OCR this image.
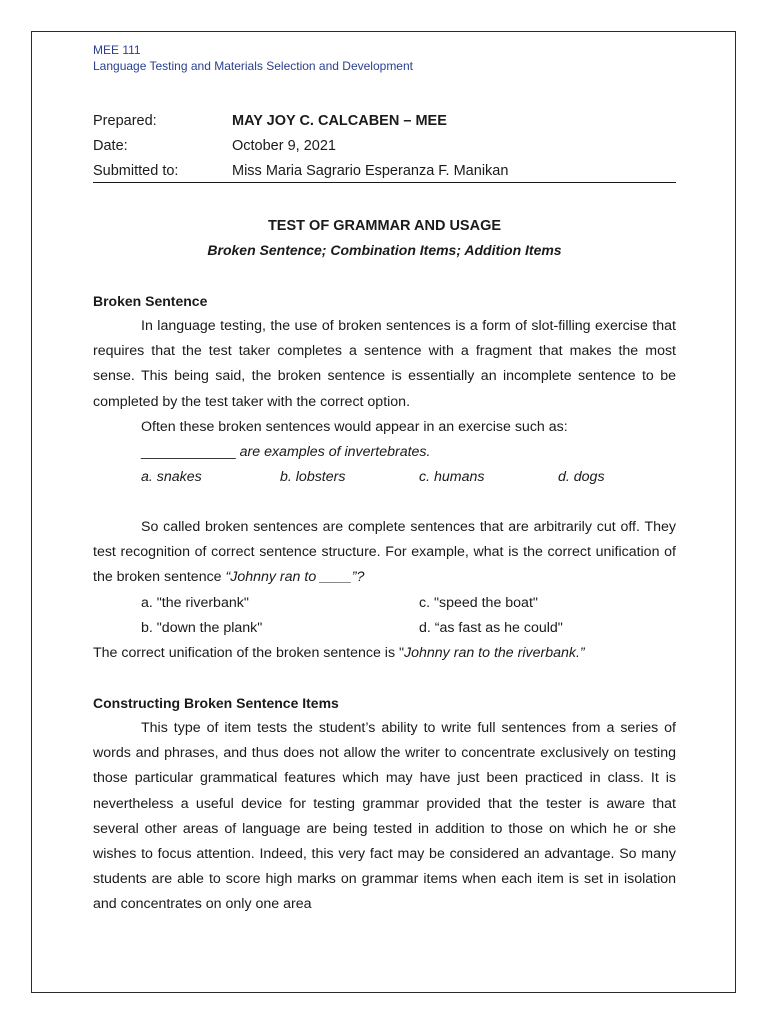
MEE 111
Language Testing and Materials Selection and Development
Prepared:	MAY JOY C. CALCABEN – MEE
Date:	October 9, 2021
Submitted to:	Miss Maria Sagrario Esperanza F. Manikan
TEST OF GRAMMAR AND USAGE
Broken Sentence; Combination Items; Addition Items
Broken Sentence

In language testing, the use of broken sentences is a form of slot-filling exercise that requires that the test taker completes a sentence with a fragment that makes the most sense. This being said, the broken sentence is essentially an incomplete sentence to be completed by the test taker with the correct option.

Often these broken sentences would appear in an exercise such as:

____________ are examples of invertebrates.
a. snakes	b. lobsters	c. humans	d. dogs

So called broken sentences are complete sentences that are arbitrarily cut off. They test recognition of correct sentence structure. For example, what is the correct unification of the broken sentence “Johnny ran to ____”?

a. "the riverbank"	c. "speed the boat"
b. "down the plank"	d. “as fast as he could"
The correct unification of the broken sentence is "Johnny ran to the riverbank.”
Constructing Broken Sentence Items

This type of item tests the student’s ability to write full sentences from a series of words and phrases, and thus does not allow the writer to concentrate exclusively on testing those particular grammatical features which may have just been practiced in class. It is nevertheless a useful device for testing grammar provided that the tester is aware that several other areas of language are being tested in addition to those on which he or she wishes to focus attention. Indeed, this very fact may be considered an advantage. So many students are able to score high marks on grammar items when each item is set in isolation and concentrates on only one area
